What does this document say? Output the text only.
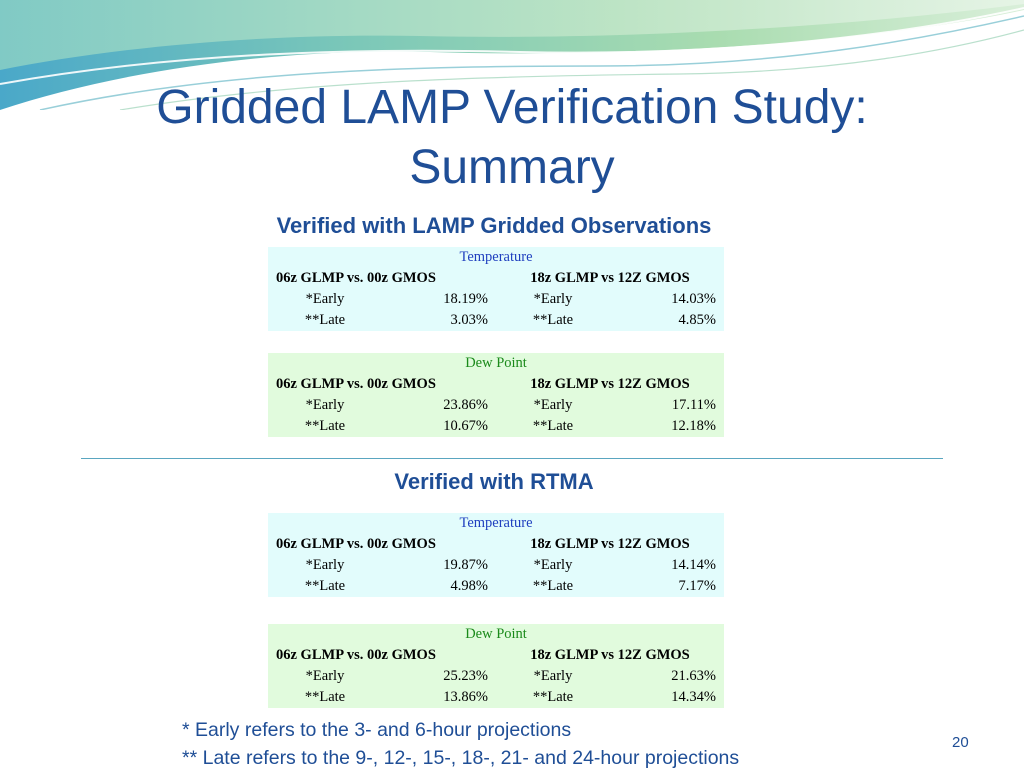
Gridded LAMP Verification Study:
Summary
Verified with LAMP Gridded Observations
Temperature			
06z GLMP vs. 00z GMOS		18z GLMP vs 12Z GMOS	
*Early	18.19%	*Early	14.03%
**Late	3.03%	**Late	4.85%
Dew Point			
06z GLMP vs. 00z GMOS		18z GLMP vs 12Z GMOS	
*Early	23.86%	*Early	17.11%
**Late	10.67%	**Late	12.18%
Verified with RTMA
Temperature			
06z GLMP vs. 00z GMOS		18z GLMP vs 12Z GMOS	
*Early	19.87%	*Early	14.14%
**Late	4.98%	**Late	7.17%
Dew Point			
06z GLMP vs. 00z GMOS		18z GLMP vs 12Z GMOS	
*Early	25.23%	*Early	21.63%
**Late	13.86%	**Late	14.34%
* Early refers to the 3- and 6-hour projections
** Late refers to the 9-, 12-, 15-, 18-, 21- and 24-hour projections
20
